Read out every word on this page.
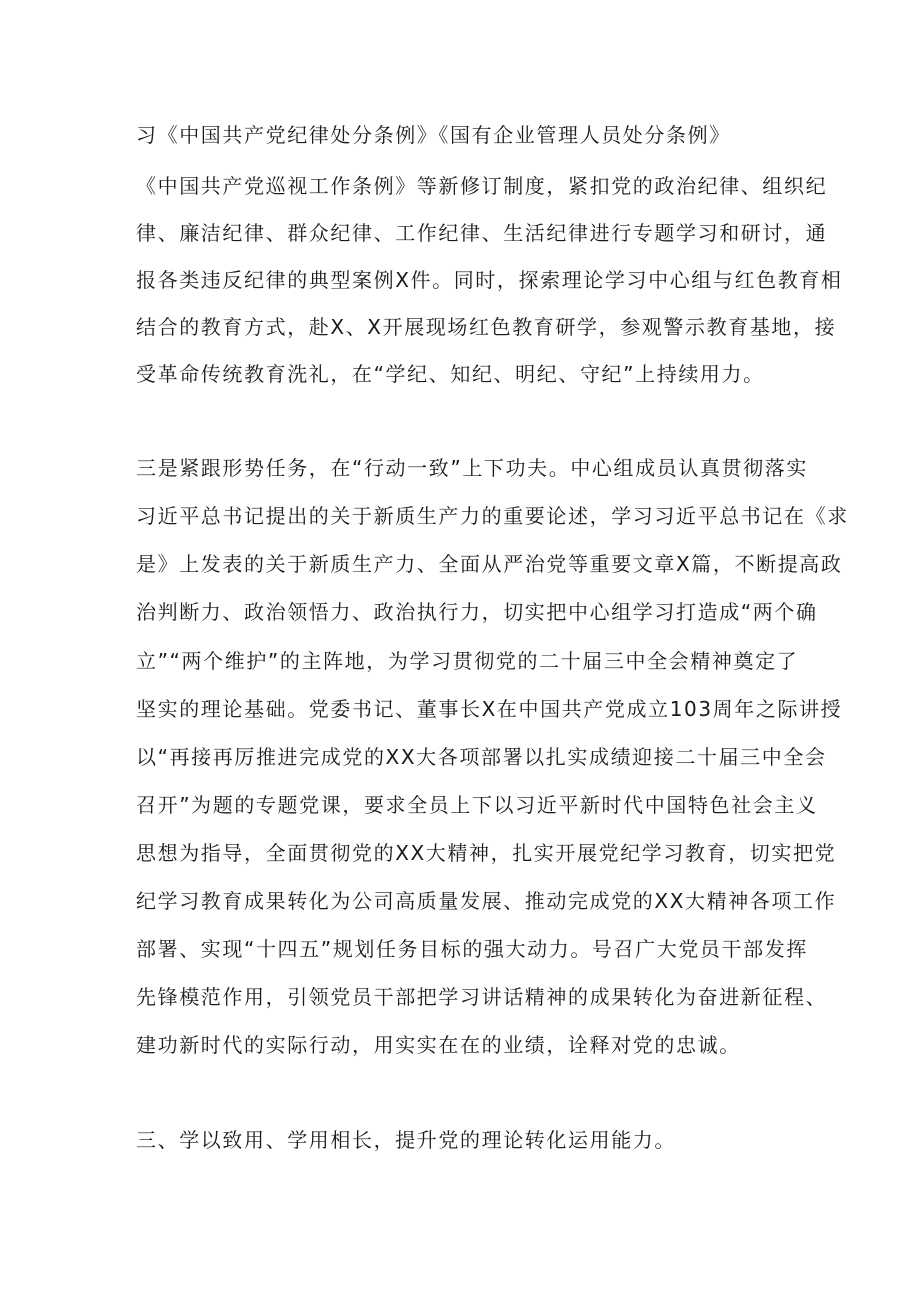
习《中国共产党纪律处分条例》《国有企业管理人员处分条例》
《中国共产党巡视工作条例》等新修订制度，紧扣党的政治纪律、组织纪
律、廉洁纪律、群众纪律、工作纪律、生活纪律进行专题学习和研讨，通
报各类违反纪律的典型案例X件。同时，探索理论学习中心组与红色教育相
结合的教育方式，赴X、X开展现场红色教育研学，参观警示教育基地，接
受革命传统教育洗礼，在“学纪、知纪、明纪、守纪”上持续用力。
三是紧跟形势任务，在“行动一致”上下功夫。中心组成员认真贯彻落实
习近平总书记提出的关于新质生产力的重要论述，学习习近平总书记在《求
是》上发表的关于新质生产力、全面从严治党等重要文章X篇，不断提高政
治判断力、政治领悟力、政治执行力，切实把中心组学习打造成“两个确
立”“两个维护”的主阵地，为学习贯彻党的二十届三中全会精神奠定了
坚实的理论基础。党委书记、董事长X在中国共产党成立103周年之际讲授
以“再接再厉推进完成党的XX大各项部署以扎实成绩迎接二十届三中全会
召开”为题的专题党课，要求全员上下以习近平新时代中国特色社会主义
思想为指导，全面贯彻党的XX大精神，扎实开展党纪学习教育，切实把党
纪学习教育成果转化为公司高质量发展、推动完成党的XX大精神各项工作
部署、实现“十四五”规划任务目标的强大动力。号召广大党员干部发挥
先锋模范作用，引领党员干部把学习讲话精神的成果转化为奋进新征程、
建功新时代的实际行动，用实实在在的业绩，诠释对党的忠诚。
三、学以致用、学用相长，提升党的理论转化运用能力。
